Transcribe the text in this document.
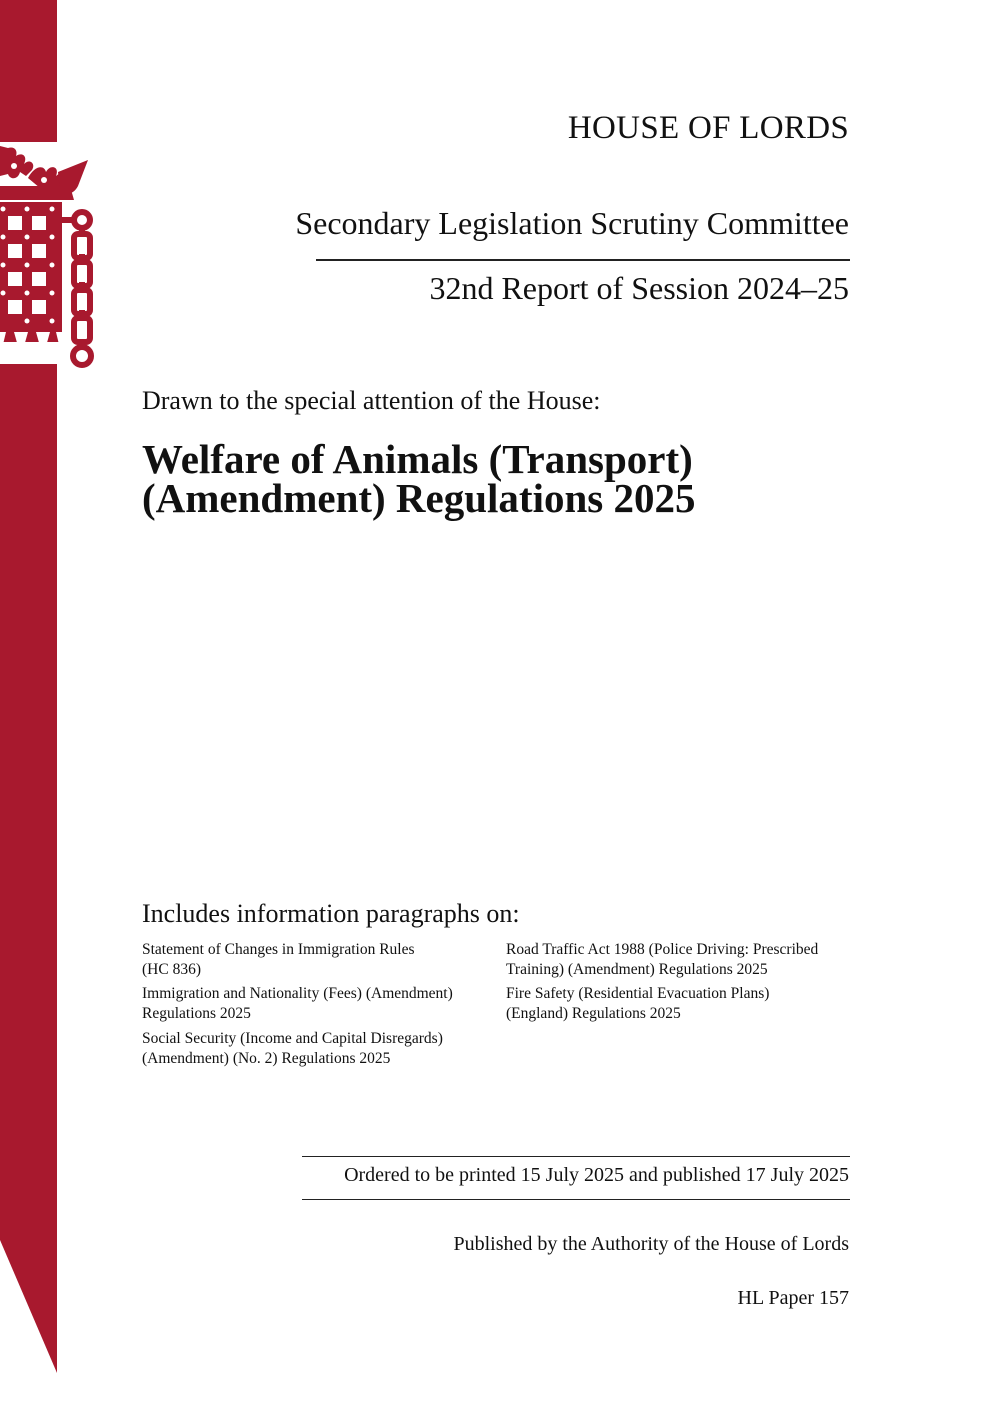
HOUSE OF LORDS
Secondary Legislation Scrutiny Committee
32nd Report of Session 2024–25
Drawn to the special attention of the House:
Welfare of Animals (Transport)
(Amendment) Regulations 2025
Includes information paragraphs on:
Statement of Changes in Immigration Rules
(HC 836)
Immigration and Nationality (Fees) (Amendment)
Regulations 2025
Social Security (Income and Capital Disregards)
(Amendment) (No. 2) Regulations 2025
Road Traffic Act 1988 (Police Driving: Prescribed
Training) (Amendment) Regulations 2025
Fire Safety (Residential Evacuation Plans)
(England) Regulations 2025
Ordered to be printed 15 July 2025 and published 17 July 2025
Published by the Authority of the House of Lords
HL Paper 157
